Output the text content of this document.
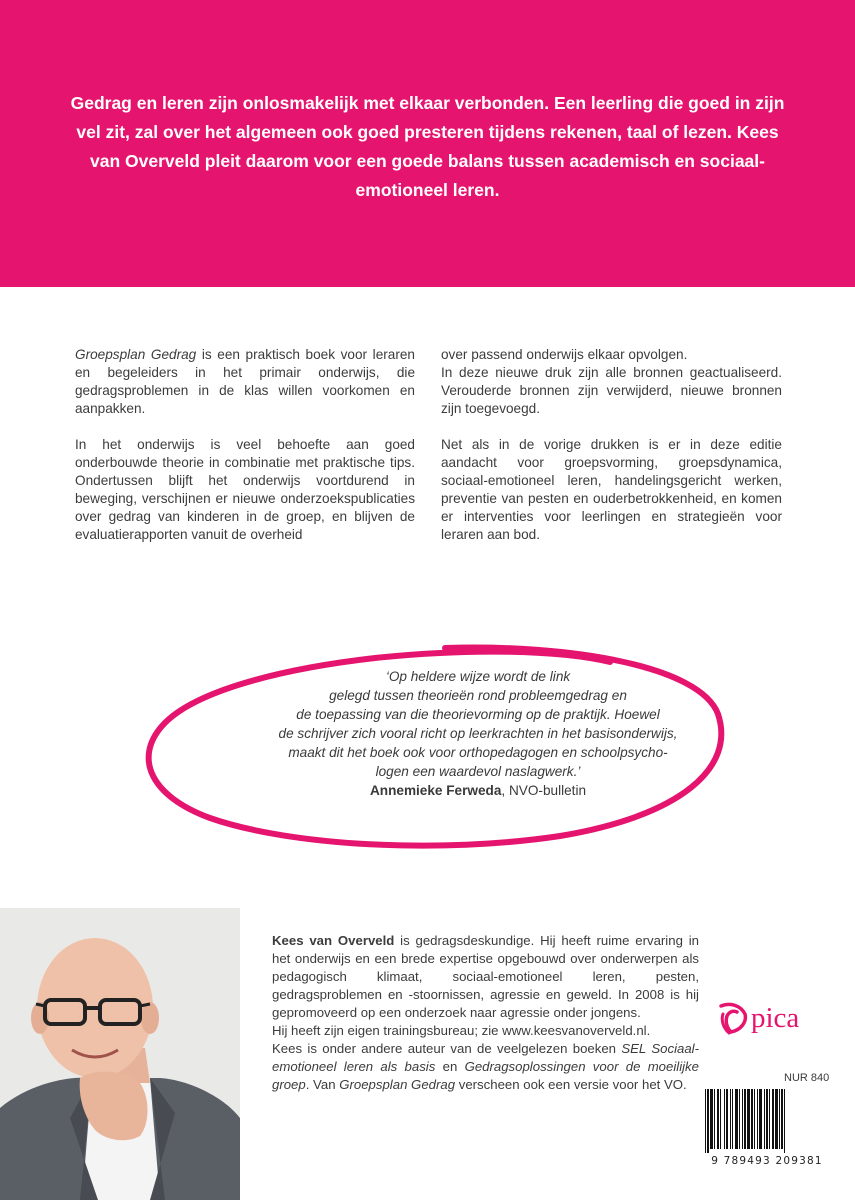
Gedrag en leren zijn onlosmakelijk met elkaar verbonden. Een leerling die goed in zijn vel zit, zal over het algemeen ook goed presteren tijdens rekenen, taal of lezen. Kees van Overveld pleit daarom voor een goede balans tussen academisch en sociaal-emotioneel leren.

Groepsplan Gedrag is een praktisch boek voor leraren en begeleiders in het primair onderwijs, die gedragsproblemen in de klas willen voorkomen en aanpakken.

In het onderwijs is veel behoefte aan goed onderbouwde theorie in combinatie met praktische tips. Ondertussen blijft het onderwijs voortdurend in beweging, verschijnen er nieuwe onderzoekspublicaties over gedrag van kinderen in de groep, en blijven de evaluatierapporten vanuit de overheid

over passend onderwijs elkaar opvolgen.

In deze nieuwe druk zijn alle bronnen geactualiseerd. Verouderde bronnen zijn verwijderd, nieuwe bronnen zijn toegevoegd.

Net als in de vorige drukken is er in deze editie aandacht voor groepsvorming, groepsdynamica, sociaal-emotioneel leren, handelingsgericht werken, preventie van pesten en ouderbetrokkenheid, en komen er interventies voor leerlingen en strategieën voor leraren aan bod.

‘Op heldere wijze wordt de link
gelegd tussen theorieën rond probleemgedrag en
de toepassing van die theorievorming op de praktijk. Hoewel
de schrijver zich vooral richt op leerkrachten in het basisonderwijs,
maakt dit het boek ook voor orthopedagogen en schoolpsycho-
logen een waardevol naslagwerk.’
Annemieke Ferweda, NVO-bulletin

Kees van Overveld is gedragsdeskundige. Hij heeft ruime ervaring in het onderwijs en een brede expertise opgebouwd over onderwerpen als pedagogisch klimaat, sociaal-emotioneel leren, pesten, gedragsproblemen en -stoornissen, agressie en geweld. In 2008 is hij gepromoveerd op een onderzoek naar agressie onder jongens.

Hij heeft zijn eigen trainingsbureau; zie www.keesvanoverveld.nl.

Kees is onder andere auteur van de veelgelezen boeken SEL Sociaal-emotioneel leren als basis en Gedragsoplossingen voor de moeilijke groep. Van Groepsplan Gedrag verscheen ook een versie voor het VO.

pica
NUR 840
9 789493 209381
